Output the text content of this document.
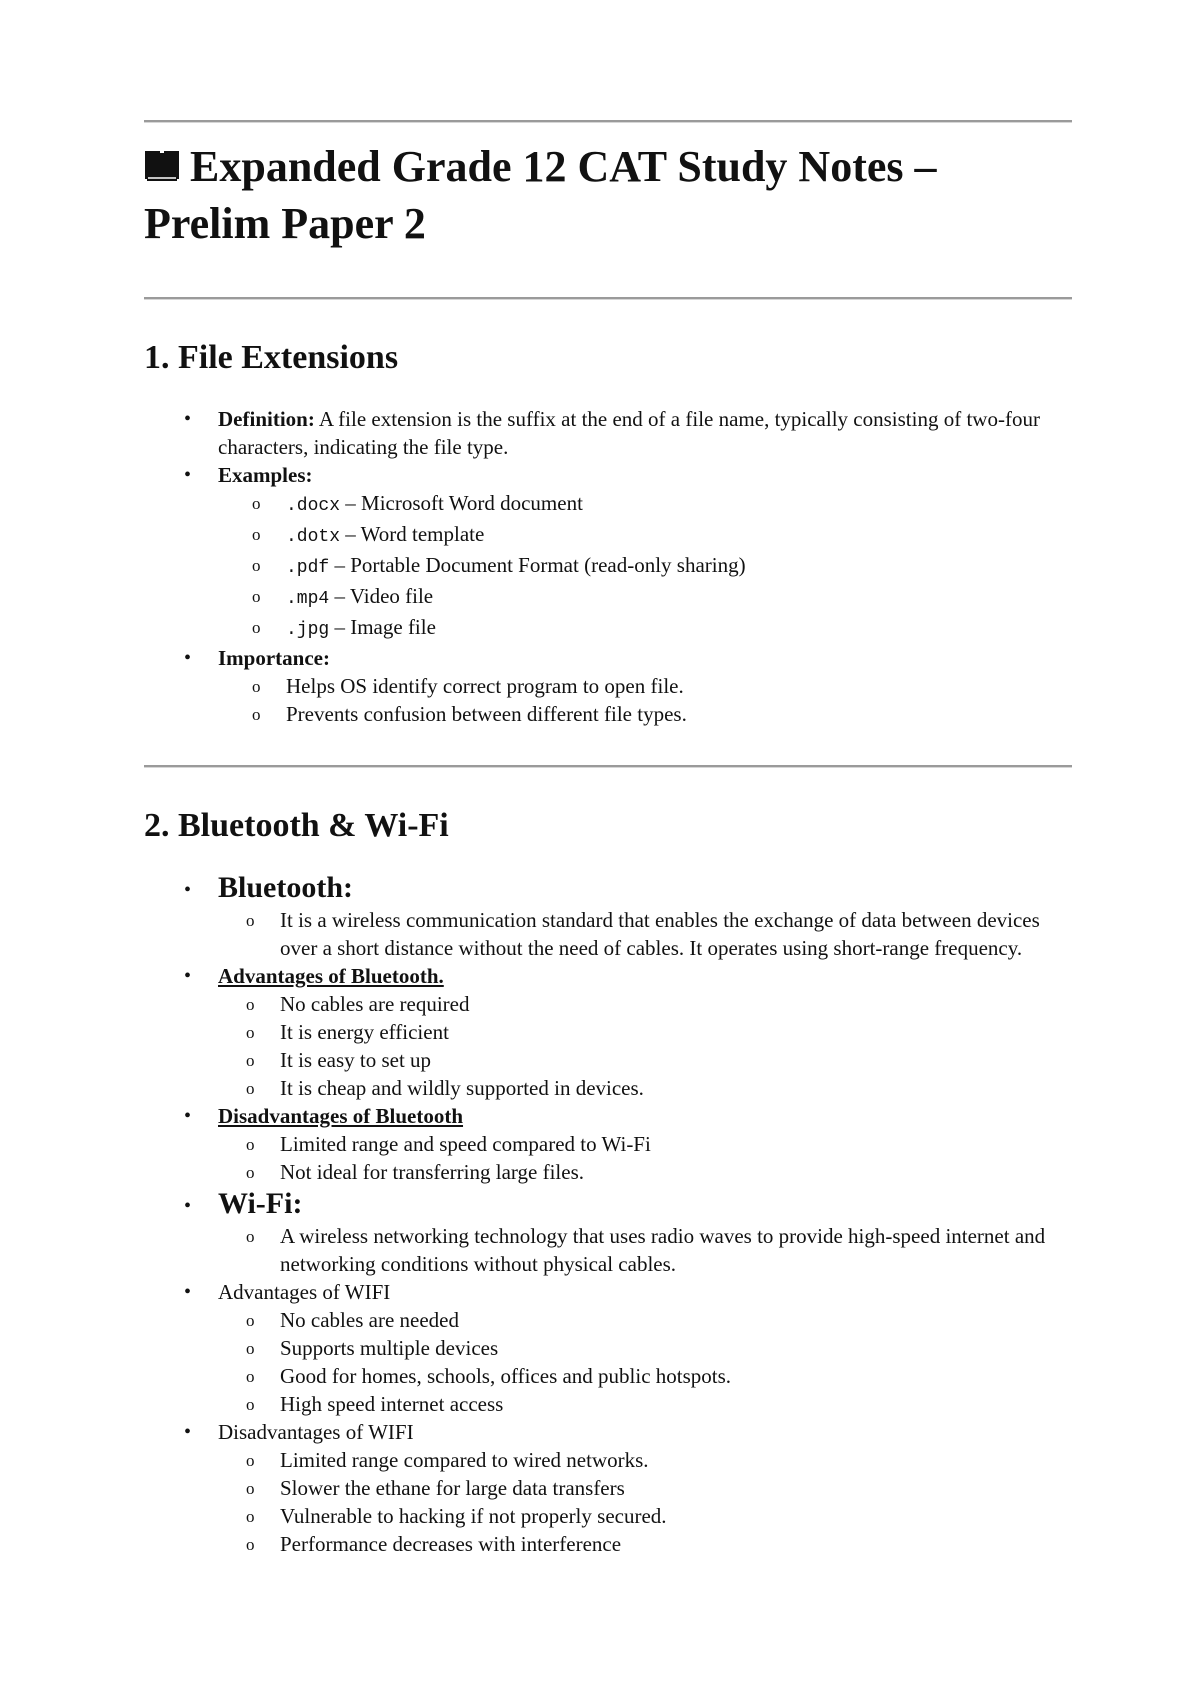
Expanded Grade 12 CAT Study Notes – Prelim Paper 2
1. File Extensions
• Definition: A file extension is the suffix at the end of a file name, typically consisting of two-four characters, indicating the file type.
• Examples:
o .docx – Microsoft Word document
o .dotx – Word template
o .pdf – Portable Document Format (read-only sharing)
o .mp4 – Video file
o .jpg – Image file
• Importance:
o Helps OS identify correct program to open file.
o Prevents confusion between different file types.
2. Bluetooth & Wi-Fi
• Bluetooth:
o It is a wireless communication standard that enables the exchange of data between devices over a short distance without the need of cables. It operates using short-range frequency.
• Advantages of Bluetooth.
o No cables are required
o It is energy efficient
o It is easy to set up
o It is cheap and wildly supported in devices.
• Disadvantages of Bluetooth
o Limited range and speed compared to Wi-Fi
o Not ideal for transferring large files.
• Wi-Fi:
o A wireless networking technology that uses radio waves to provide high-speed internet and networking conditions without physical cables.
• Advantages of WIFI
o No cables are needed
o Supports multiple devices
o Good for homes, schools, offices and public hotspots.
o High speed internet access
• Disadvantages of WIFI
o Limited range compared to wired networks.
o Slower the ethane for large data transfers
o Vulnerable to hacking if not properly secured.
o Performance decreases with interference
